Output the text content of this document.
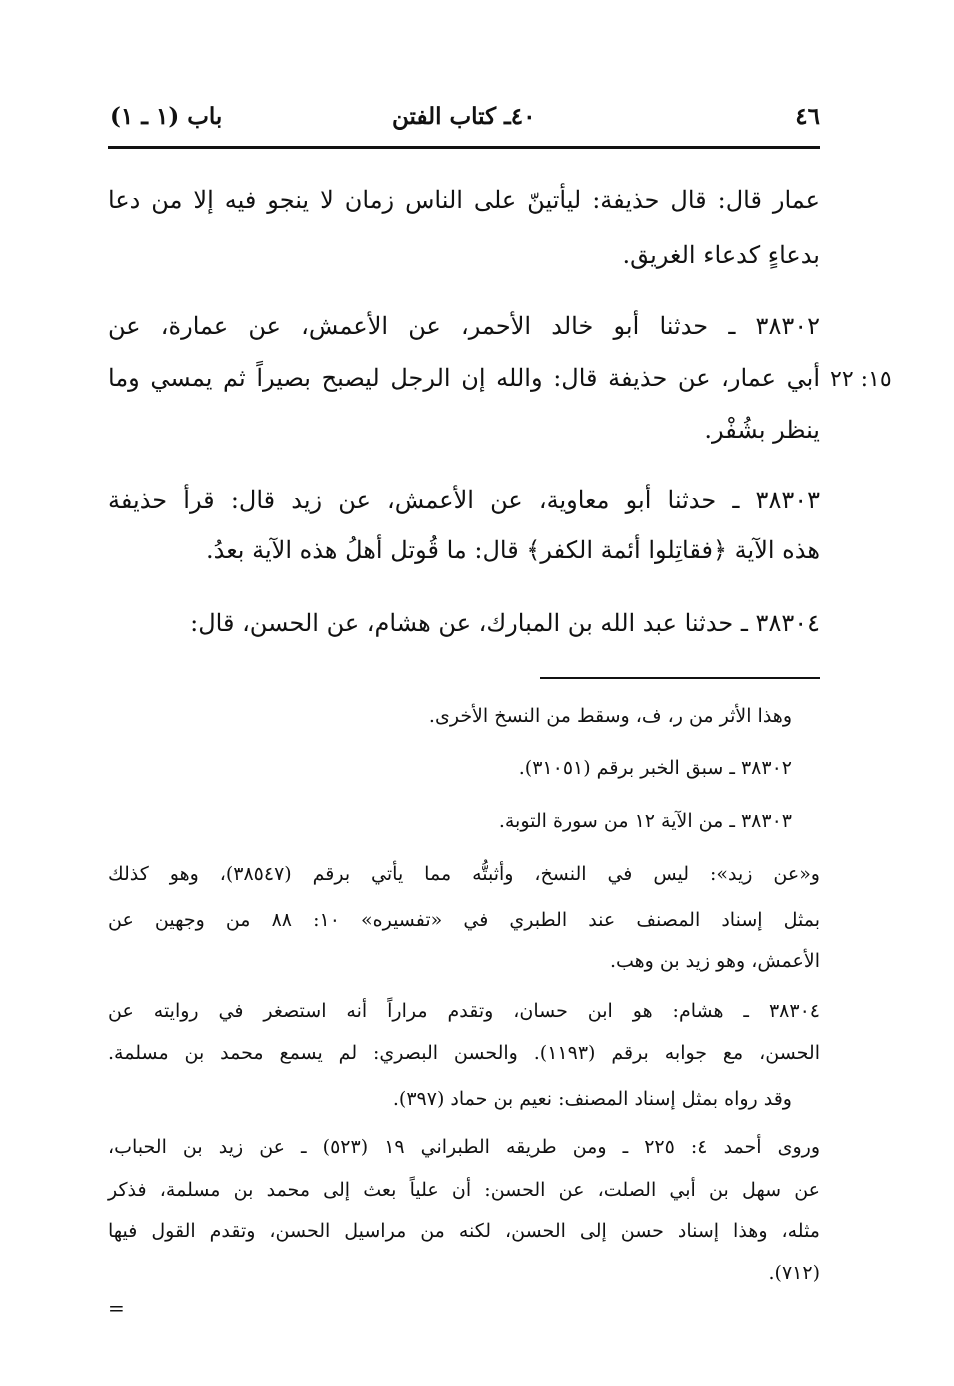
٤٦
٤٠ـ كتاب الفتن
باب (١ ـ ١)
عمار قال: قال حذيفة: ليأتينّ على الناس زمان لا ينجو فيه إلا من دعا
بدعاءٍ كدعاء الغريق.
٣٨٣٠٢ ـ حدثنا أبو خالد الأحمر، عن الأعمش، عن عمارة، عن
أبي عمار، عن حذيفة قال: والله إن الرجل ليصبح بصيراً ثم يمسي وما
ينظر بشُفْر.
١٥: ٢٢
٣٨٣٠٣ ـ حدثنا أبو معاوية، عن الأعمش، عن زيد قال: قرأ حذيفة
هذه الآية ﴿فقاتِلوا أئمة الكفر﴾ قال: ما قُوتل أهلُ هذه الآية بعدُ.
٣٨٣٠٤ ـ حدثنا عبد الله بن المبارك، عن هشام، عن الحسن، قال:
وهذا الأثر من ر، ف، وسقط من النسخ الأخرى.
٣٨٣٠٢ ـ سبق الخبر برقم (٣١٠٥١).
٣٨٣٠٣ ـ من الآية ١٢ من سورة التوبة.
و«عن زيد»: ليس في النسخ، وأثبتُّه مما يأتي برقم (٣٨٥٤٧)، وهو كذلك
بمثل إسناد المصنف عند الطبري في «تفسيره» ١٠: ٨٨ من وجهين عن
الأعمش، وهو زيد بن وهب.
٣٨٣٠٤ ـ هشام: هو ابن حسان، وتقدم مراراً أنه استصغر في روايته عن
الحسن، مع جوابه برقم (١١٩٣). والحسن البصري: لم يسمع محمد بن مسلمة.
وقد رواه بمثل إسناد المصنف: نعيم بن حماد (٣٩٧).
وروى أحمد ٤: ٢٢٥ ـ ومن طريقه الطبراني ١٩ (٥٢٣) ـ عن زيد بن الحباب،
عن سهل بن أبي الصلت، عن الحسن: أن علياً بعث إلى محمد بن مسلمة، فذكر
مثله، وهذا إسناد حسن إلى الحسن، لكنه من مراسيل الحسن، وتقدم القول فيها
(٧١٢).
=
